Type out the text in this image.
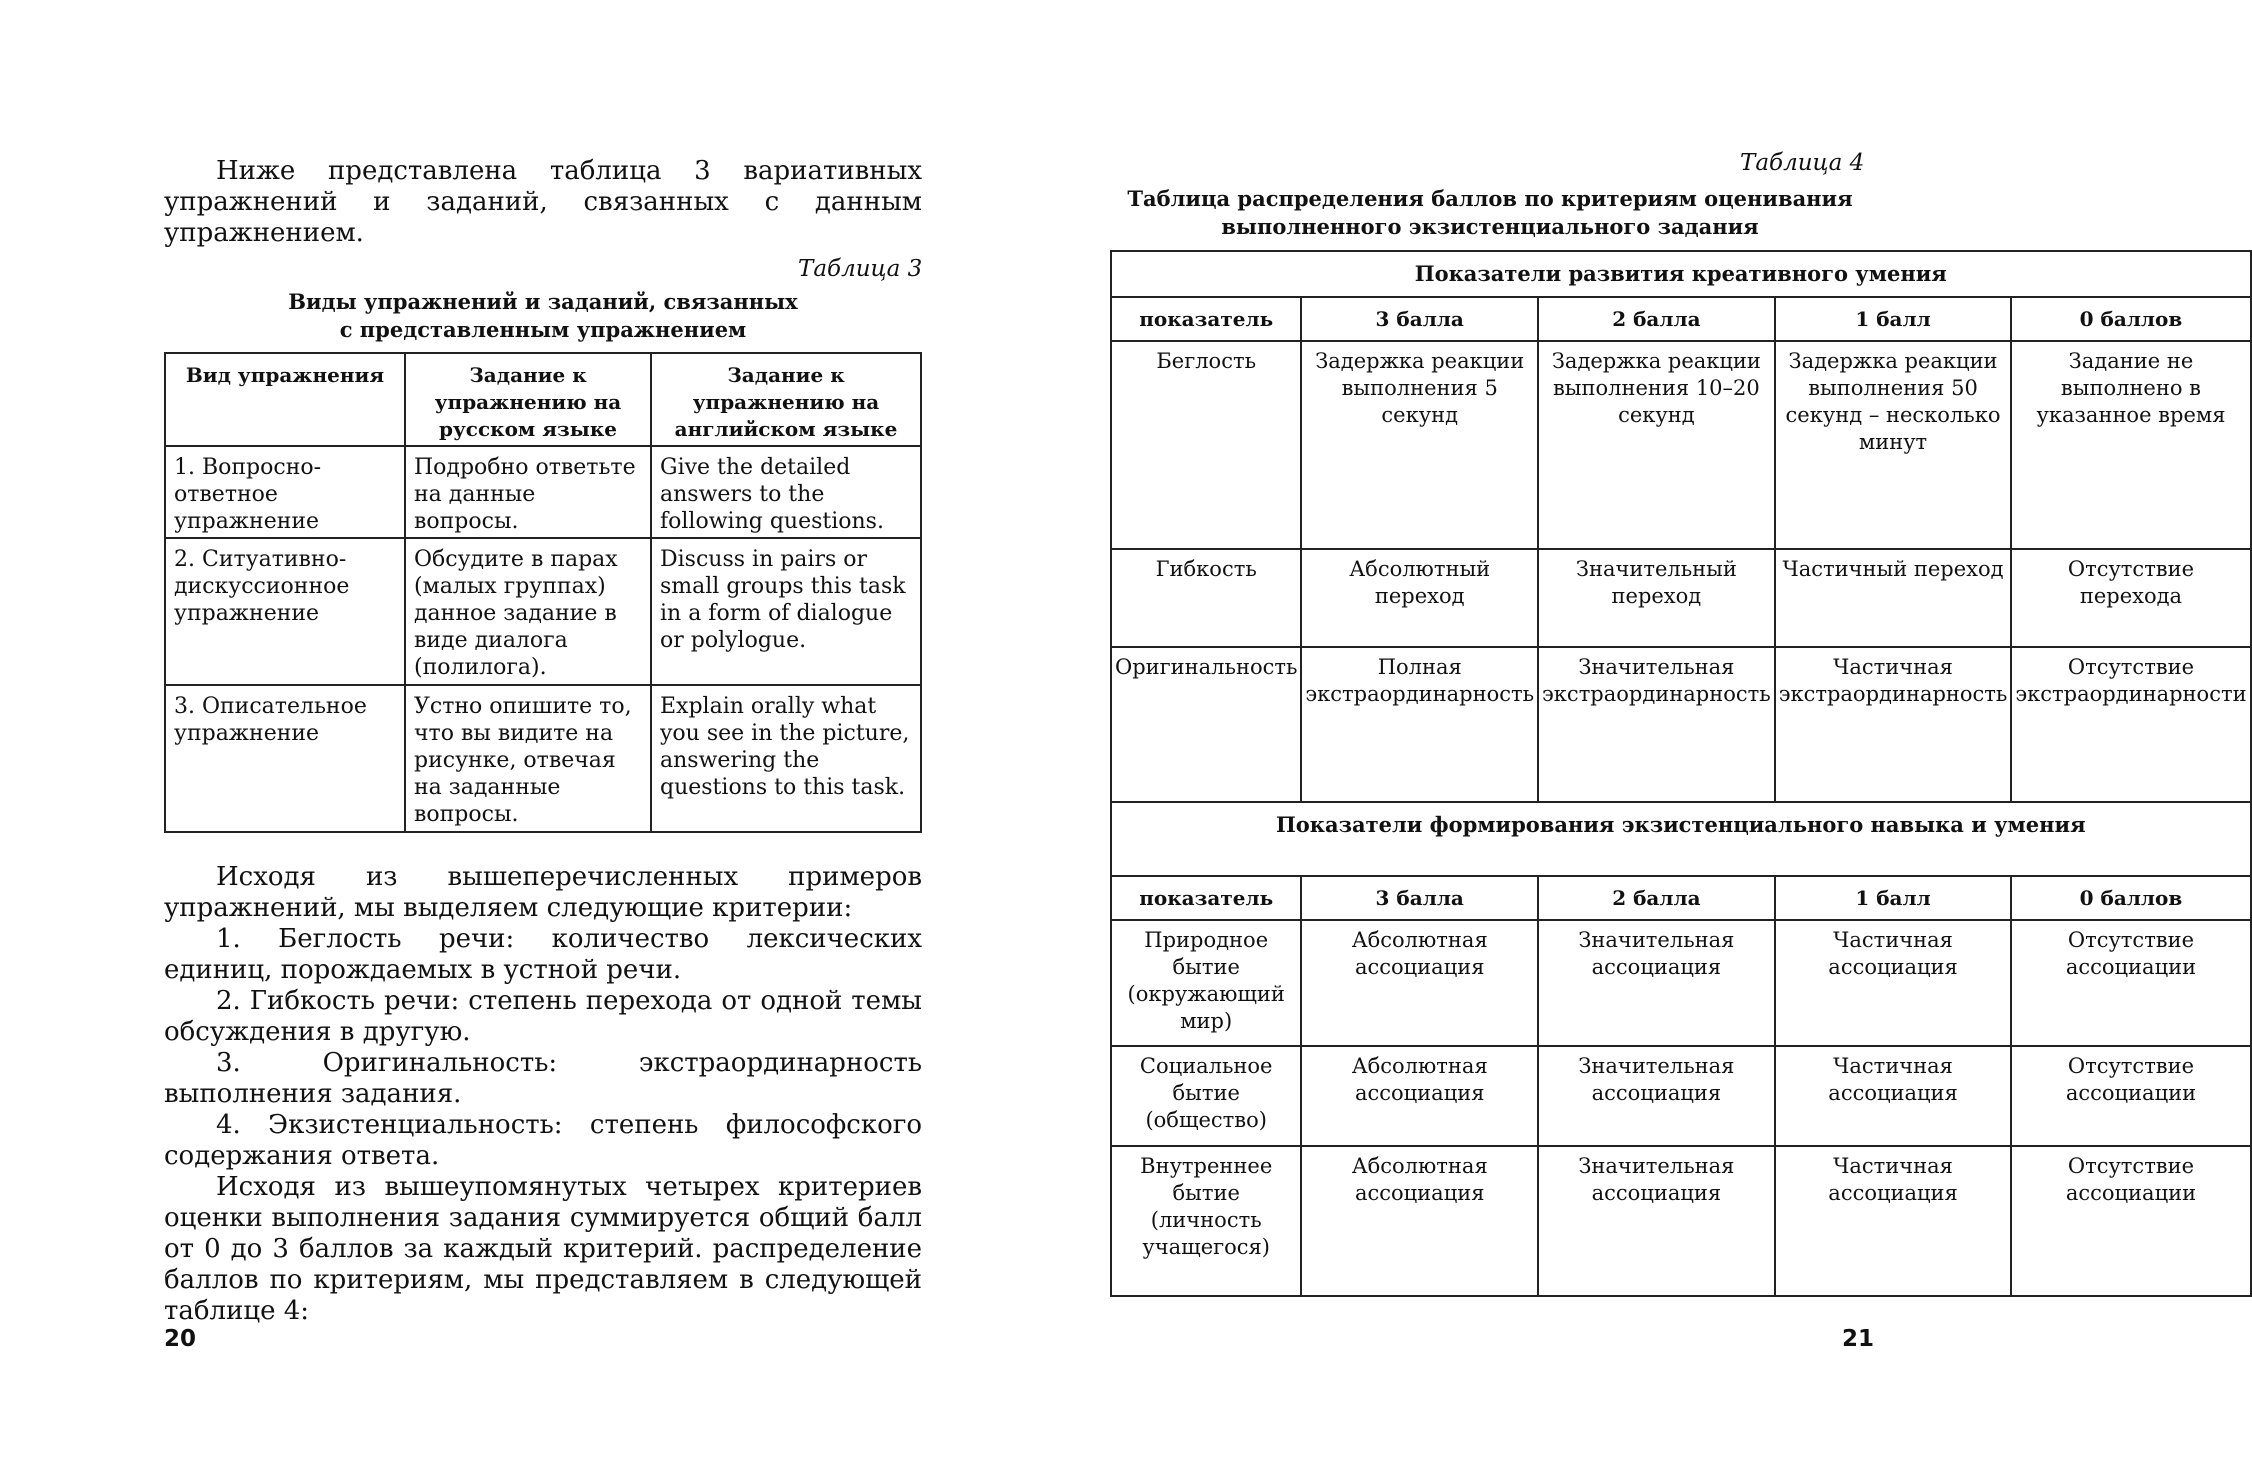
Ниже представлена таблица 3 вариативных упражнений и заданий, связанных с данным упражнением.

Таблица 3
Виды упражнений и заданий, связанных
с представленным упражнением
Вид упражнения	Задание к упражнению на русском языке	Задание к упражнению на английском языке
1. Вопросно-ответное упражнение	Подробно ответьте на данные вопросы.	Give the detailed answers to the following questions.
2. Ситуативно-дискуссионное упражнение	Обсудите в парах (малых группах) данное задание в виде диалога (полилога).	Discuss in pairs or small groups this task in a form of dialogue or polylogue.
3. Описательное упражнение	Устно опишите то, что вы видите на рисунке, отвечая на заданные вопросы.	Explain orally what you see in the picture, answering the questions to this task.

Исходя из вышеперечисленных примеров упражнений, мы выделяем следующие критерии:

1. Беглость речи: количество лексических единиц, порождаемых в устной речи.

2. Гибкость речи: степень перехода от одной темы обсуждения в другую.

3. Оригинальность: экстраординарность выполнения задания.

4. Экзистенциальность: степень философского содержания ответа.

Исходя из вышеупомянутых четырех критериев оценки выполнения задания суммируется общий балл от 0 до 3 баллов за каждый критерий. распределение баллов по критериям, мы представляем в следующей таблице 4:

20
Таблица 4
Таблица распределения баллов по критериям оценивания
выполненного экзистенциального задания
Показатели развития креативного умения				
показатель	3 балла	2 балла	1 балл	0 баллов
Беглость	Задержка реакции выполнения 5 секунд	Задержка реакции выполнения 10–20 секунд	Задержка реакции выполнения 50 секунд – несколько минут	Задание не выполнено в указанное время
Гибкость	Абсолютный переход	Значительный переход	Частичный переход	Отсутствие перехода
Оригинальность	Полная экстраординарность	Значительная экстраординарность	Частичная экстраординарность	Отсутствие экстраординарности
Показатели формирования экзистенциального навыка и умения				
показатель	3 балла	2 балла	1 балл	0 баллов
Природное бытие (окружающий мир)	Абсолютная ассоциация	Значительная ассоциация	Частичная ассоциация	Отсутствие ассоциации
Социальное бытие (общество)	Абсолютная ассоциация	Значительная ассоциация	Частичная ассоциация	Отсутствие ассоциации
Внутреннее бытие (личность учащегося)	Абсолютная ассоциация	Значительная ассоциация	Частичная ассоциация	Отсутствие ассоциации
21
